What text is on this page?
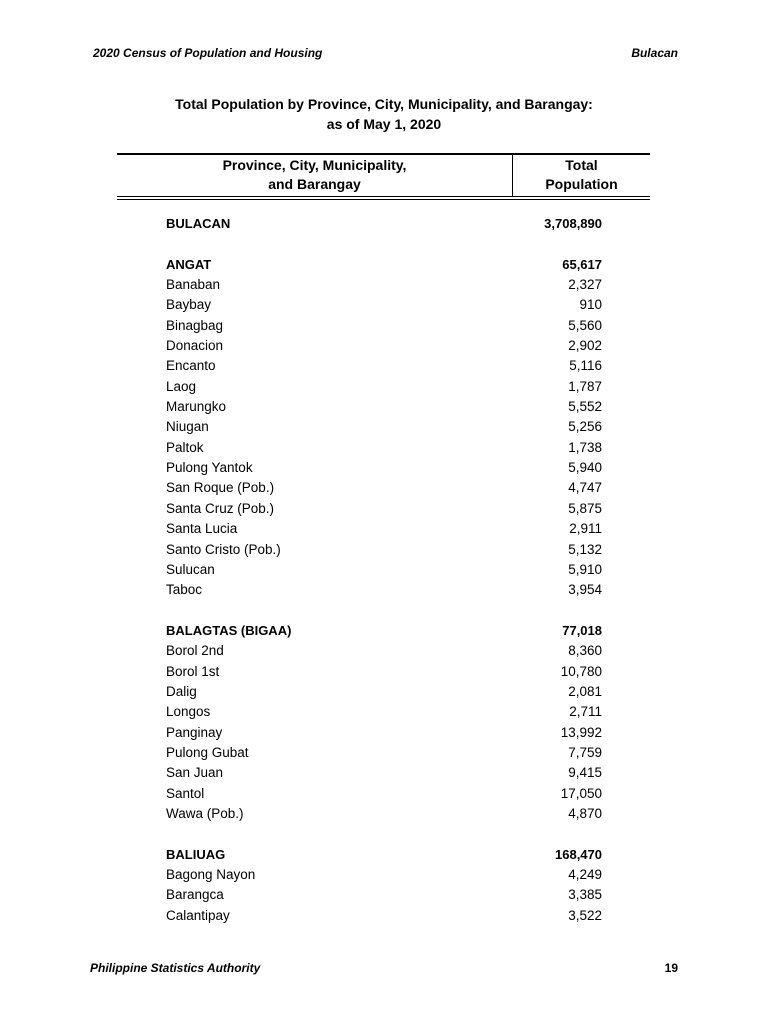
2020 Census of Population and Housing	Bulacan
Total Population by Province, City, Municipality, and Barangay:
as of May 1, 2020
Province, City, Municipality,
and Barangay
Total
Population
BULACAN	3,708,890
ANGAT	65,617
Banaban	2,327
Baybay	910
Binagbag	5,560
Donacion	2,902
Encanto	5,116
Laog	1,787
Marungko	5,552
Niugan	5,256
Paltok	1,738
Pulong Yantok	5,940
San Roque (Pob.)	4,747
Santa Cruz (Pob.)	5,875
Santa Lucia	2,911
Santo Cristo (Pob.)	5,132
Sulucan	5,910
Taboc	3,954
BALAGTAS (BIGAA)	77,018
Borol 2nd	8,360
Borol 1st	10,780
Dalig	2,081
Longos	2,711
Panginay	13,992
Pulong Gubat	7,759
San Juan	9,415
Santol	17,050
Wawa (Pob.)	4,870
BALIUAG	168,470
Bagong Nayon	4,249
Barangca	3,385
Calantipay	3,522
Philippine Statistics Authority	19
